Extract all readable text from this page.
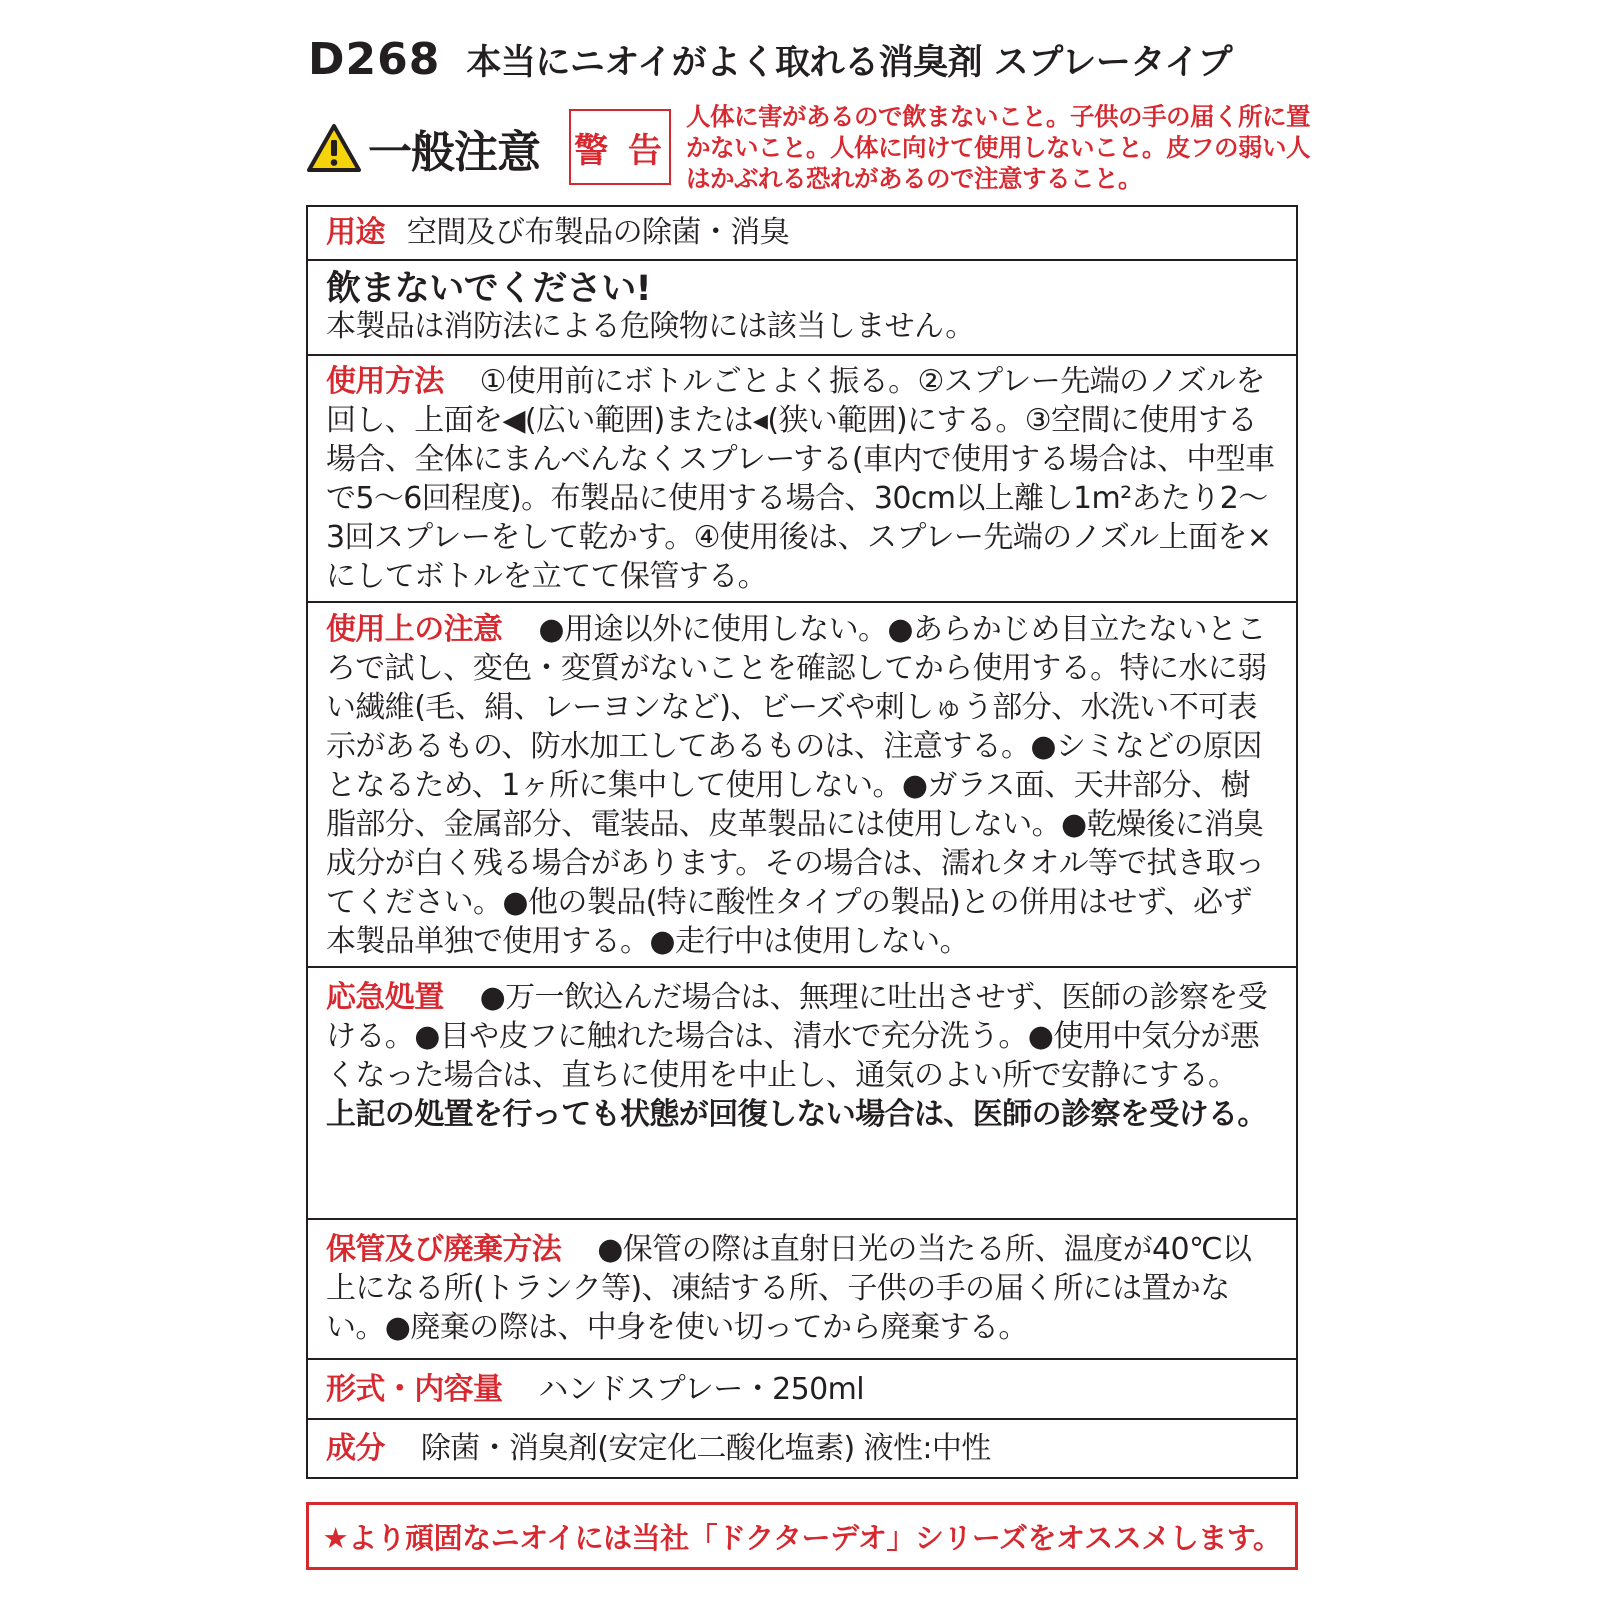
D268 本当にニオイがよく取れる消臭剤 スプレータイプ
一般注意 警 告
人体に害があるので飲まないこと。子供の手の届く所に置かないこと。人体に向けて使用しないこと。皮フの弱い人はかぶれる恐れがあるので注意すること。
用途 空間及び布製品の除菌・消臭
飲まないでください!
本製品は消防法による危険物には該当しません。
使用方法 ①使用前にボトルごとよく振る。②スプレー先端のノズルを回し、上面を◀(広い範囲)または◂(狭い範囲)にする。③空間に使用する場合、全体にまんべんなくスプレーする(車内で使用する場合は、中型車で5〜6回程度)。布製品に使用する場合、30cm以上離し1m²あたり2〜3回スプレーをして乾かす。④使用後は、スプレー先端のノズル上面を×にしてボトルを立てて保管する。
使用上の注意 ●用途以外に使用しない。●あらかじめ目立たないところで試し、変色・変質がないことを確認してから使用する。特に水に弱い繊維(毛、絹、レーヨンなど)、ビーズや刺しゅう部分、水洗い不可表示があるもの、防水加工してあるものは、注意する。●シミなどの原因となるため、1ヶ所に集中して使用しない。●ガラス面、天井部分、樹脂部分、金属部分、電装品、皮革製品には使用しない。●乾燥後に消臭成分が白く残る場合があります。その場合は、濡れタオル等で拭き取ってください。●他の製品(特に酸性タイプの製品)との併用はせず、必ず本製品単独で使用する。●走行中は使用しない。
応急処置 ●万一飲込んだ場合は、無理に吐出させず、医師の診察を受ける。●目や皮フに触れた場合は、清水で充分洗う。●使用中気分が悪くなった場合は、直ちに使用を中止し、通気のよい所で安静にする。
上記の処置を行っても状態が回復しない場合は、医師の診察を受ける。
保管及び廃棄方法 ●保管の際は直射日光の当たる所、温度が40℃以上になる所(トランク等)、凍結する所、子供の手の届く所には置かない。●廃棄の際は、中身を使い切ってから廃棄する。
形式・内容量 ハンドスプレー・250ml
成分 除菌・消臭剤(安定化二酸化塩素) 液性:中性
★より頑固なニオイには当社「ドクターデオ」シリーズをオススメします。
